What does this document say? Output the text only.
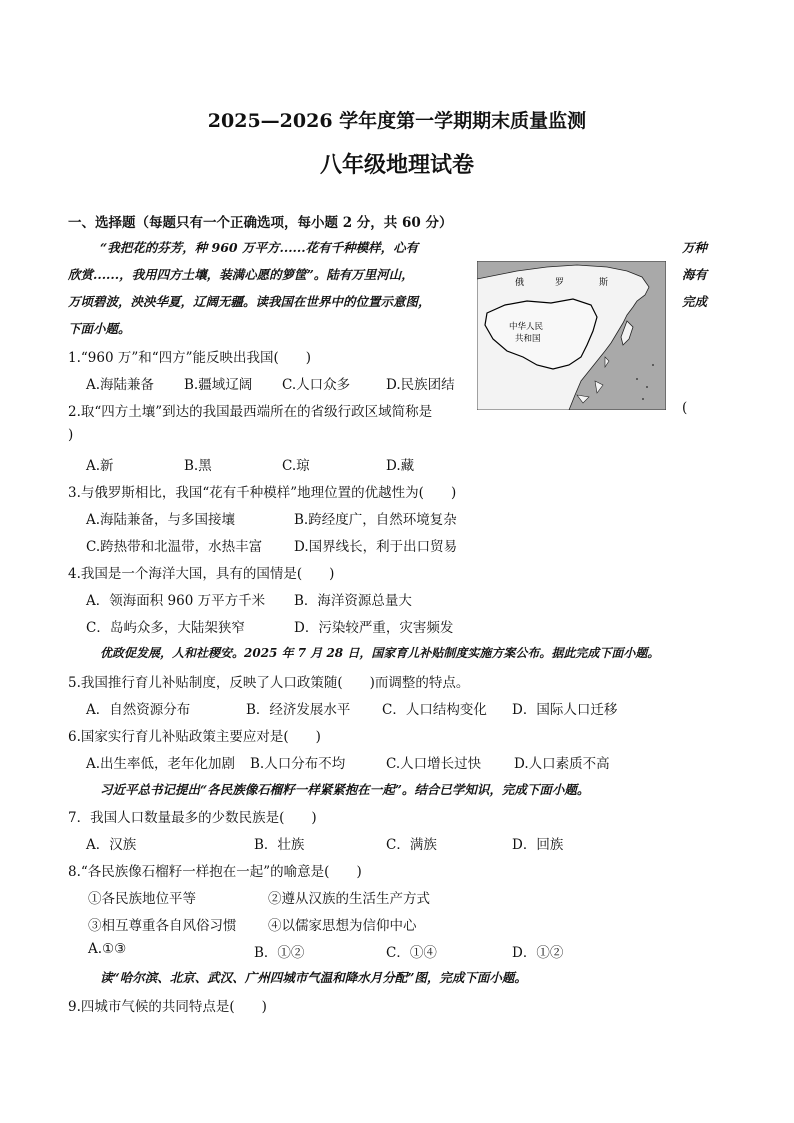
2025—2026 学年度第一学期期末质量监测
八年级地理试卷
一、选择题（每题只有一个正确选项，每小题 2 分，共 60 分）
“我把花的芬芳，种 960 万平方......花有千种模样，心有	万种
欣赏......，我用四方土壤，装满心愿的箩筐”。陆有万里河山，	海有
万顷碧波，泱泱华夏，辽阔无疆。读我国在世界中的位置示意图，	完成
下面小题。
俄	罗	斯
中华人民
共和国
1.“960 万”和“四方”能反映出我国(　　)
A.海陆兼备 B.疆域辽阔 C.人口众多	D.民族团结
2.取“四方土壤”到达的我国最西端所在的省级行政区域简称是	(
)
A.新	B.黑	C.琼	D.藏
3.与俄罗斯相比，我国“花有千种模样”地理位置的优越性为(　　)
A.海陆兼备，与多国接壤	B.跨经度广，自然环境复杂
C.跨热带和北温带，水热丰富 D.国界线长，利于出口贸易
4.我国是一个海洋大国，具有的国情是(　　)
A．领海面积 960 万平方千米 B．海洋资源总量大
C．岛屿众多，大陆架狭窄	D．污染较严重，灾害频发
优政促发展，人和社稷安。2025 年 7 月 28 日，国家育儿补贴制度实施方案公布。据此完成下面小题。
5.我国推行育儿补贴制度，反映了人口政策随(　　)而调整的特点。
A．自然资源分布	B．经济发展水平 C．人口结构变化 D．国际人口迁移
6.国家实行育儿补贴政策主要应对是(　　)
A.出生率低，老年化加剧 B.人口分布不均	C.人口增长过快 D.人口素质不高
习近平总书记提出“各民族像石榴籽一样紧紧抱在一起”。结合已学知识，完成下面小题。
7．我国人口数量最多的少数民族是(　　)
A．汉族	B．壮族	C．满族	D．回族
8.“各民族像石榴籽一样抱在一起”的喻意是(　　)
①各民族地位平等	②遵从汉族的生活生产方式
③相互尊重各自风俗习惯 ④以儒家思想为信仰中心
A.①③	B．①②	C．①④	D．①②
读“哈尔滨、北京、武汉、广州四城市气温和降水月分配”图，完成下面小题。
9.四城市气候的共同特点是(　　)
